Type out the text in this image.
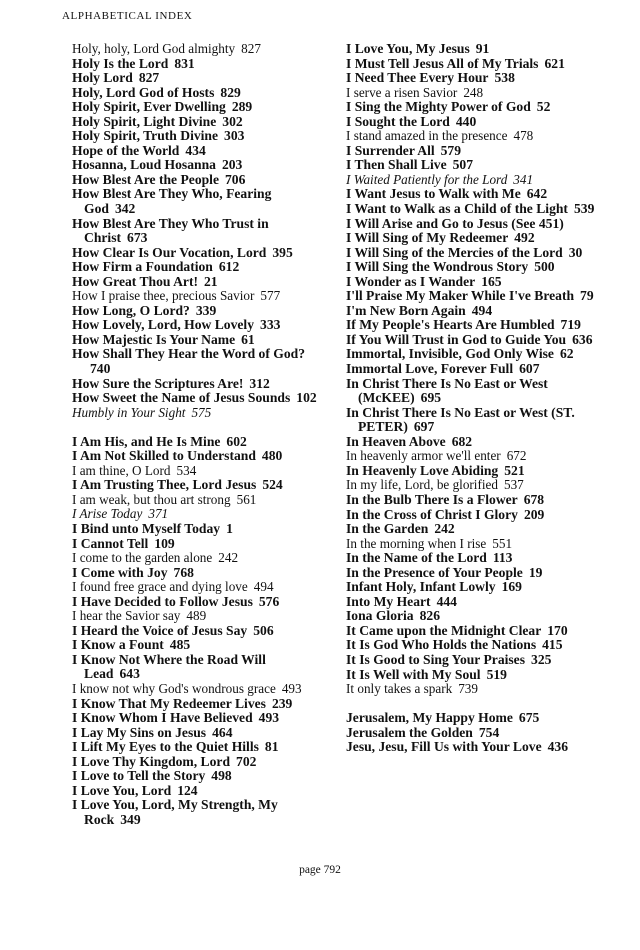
ALPHABETICAL INDEX
Holy, holy, Lord God almighty 827
Holy Is the Lord 831
Holy Lord 827
Holy, Lord God of Hosts 829
Holy Spirit, Ever Dwelling 289
Holy Spirit, Light Divine 302
Holy Spirit, Truth Divine 303
Hope of the World 434
Hosanna, Loud Hosanna 203
How Blest Are the People 706
How Blest Are They Who, Fearing God 342
How Blest Are They Who Trust in Christ 673
How Clear Is Our Vocation, Lord 395
How Firm a Foundation 612
How Great Thou Art! 21
How I praise thee, precious Savior 577
How Long, O Lord? 339
How Lovely, Lord, How Lovely 333
How Majestic Is Your Name 61
How Shall They Hear the Word of God?740
How Sure the Scriptures Are! 312
How Sweet the Name of Jesus Sounds 102
Humbly in Your Sight 575
I Am His, and He Is Mine 602
I Am Not Skilled to Understand 480
I am thine, O Lord 534
I Am Trusting Thee, Lord Jesus 524
I am weak, but thou art strong 561
I Arise Today 371
I Bind unto Myself Today 1
I Cannot Tell 109
I come to the garden alone 242
I Come with Joy 768
I found free grace and dying love 494
I Have Decided to Follow Jesus 576
I hear the Savior say 489
I Heard the Voice of Jesus Say 506
I Know a Fount 485
I Know Not Where the Road Will Lead 643
I know not why God's wondrous grace 493
I Know That My Redeemer Lives 239
I Know Whom I Have Believed 493
I Lay My Sins on Jesus 464
I Lift My Eyes to the Quiet Hills 81
I Love Thy Kingdom, Lord 702
I Love to Tell the Story 498
I Love You, Lord 124
I Love You, Lord, My Strength, My Rock 349
I Love You, My Jesus 91
I Must Tell Jesus All of My Trials 621
I Need Thee Every Hour 538
I serve a risen Savior 248
I Sing the Mighty Power of God 52
I Sought the Lord 440
I stand amazed in the presence 478
I Surrender All 579
I Then Shall Live 507
I Waited Patiently for the Lord 341
I Want Jesus to Walk with Me 642
I Want to Walk as a Child of the Light 539
I Will Arise and Go to Jesus (See 451)
I Will Sing of My Redeemer 492
I Will Sing of the Mercies of the Lord 30
I Will Sing the Wondrous Story 500
I Wonder as I Wander 165
I'll Praise My Maker While I've Breath 79
I'm New Born Again 494
If My People's Hearts Are Humbled 719
If You Will Trust in God to Guide You 636
Immortal, Invisible, God Only Wise 62
Immortal Love, Forever Full 607
In Christ There Is No East or West (McKEE) 695
In Christ There Is No East or West (ST. PETER) 697
In Heaven Above 682
In heavenly armor we'll enter 672
In Heavenly Love Abiding 521
In my life, Lord, be glorified 537
In the Bulb There Is a Flower 678
In the Cross of Christ I Glory 209
In the Garden 242
In the morning when I rise 551
In the Name of the Lord 113
In the Presence of Your People 19
Infant Holy, Infant Lowly 169
Into My Heart 444
Iona Gloria 826
It Came upon the Midnight Clear 170
It Is God Who Holds the Nations 415
It Is Good to Sing Your Praises 325
It Is Well with My Soul 519
It only takes a spark 739
Jerusalem, My Happy Home 675
Jerusalem the Golden 754
Jesu, Jesu, Fill Us with Your Love 436
page 792
